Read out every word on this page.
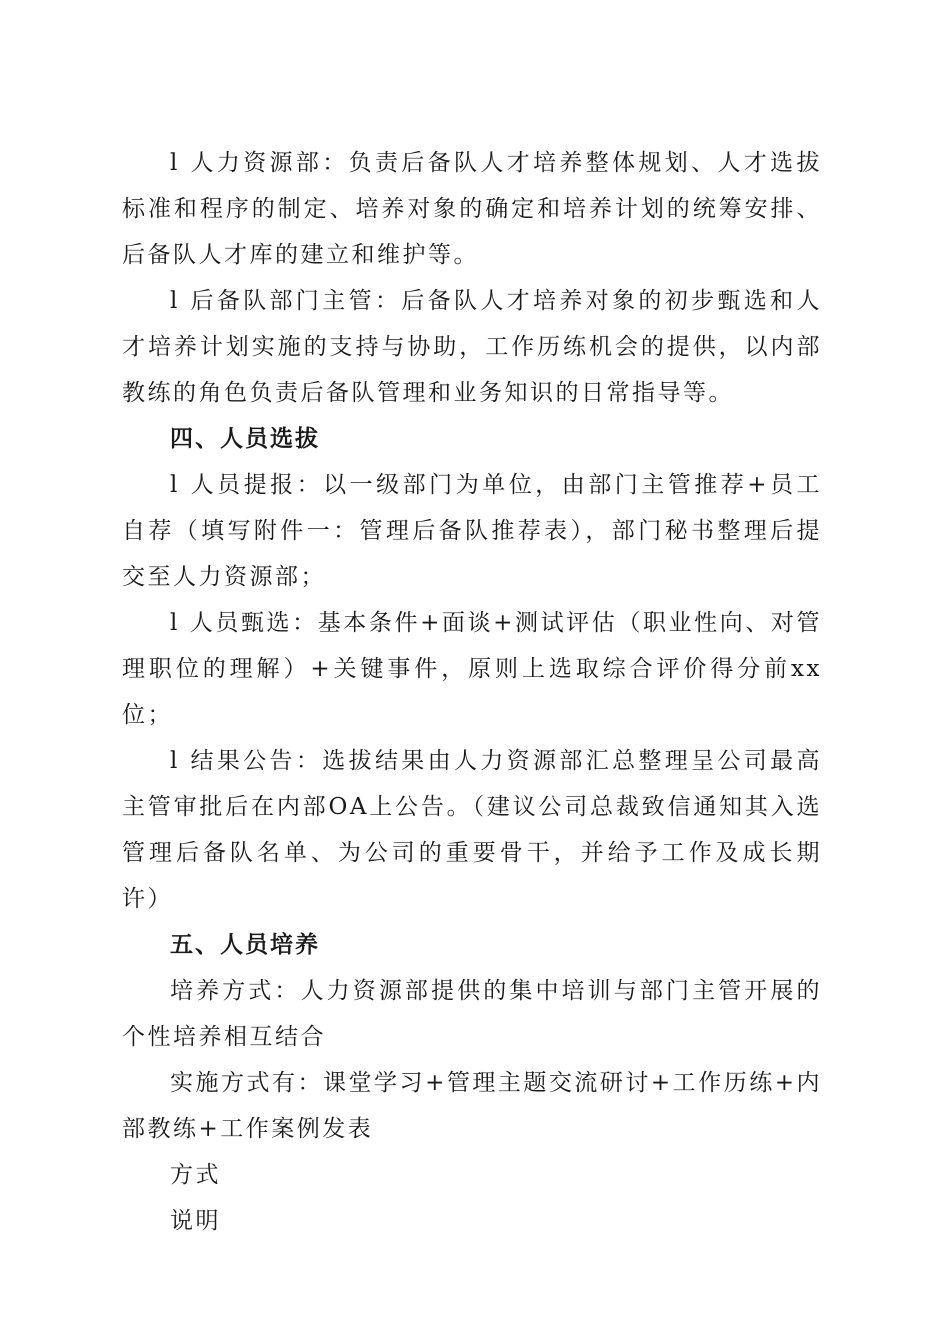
l 人力资源部：负责后备队人才培养整体规划、人才选拔标准和程序的制定、培养对象的确定和培养计划的统筹安排、后备队人才库的建立和维护等。

l 后备队部门主管：后备队人才培养对象的初步甄选和人才培养计划实施的支持与协助，工作历练机会的提供，以内部教练的角色负责后备队管理和业务知识的日常指导等。

四、人员选拔

l 人员提报：以一级部门为单位，由部门主管推荐+员工自荐（填写附件一：管理后备队推荐表），部门秘书整理后提交至人力资源部；

l 人员甄选：基本条件+面谈+测试评估（职业性向、对管理职位的理解）+关键事件，原则上选取综合评价得分前xx位；

l 结果公告：选拔结果由人力资源部汇总整理呈公司最高主管审批后在内部OA上公告。（建议公司总裁致信通知其入选管理后备队名单、为公司的重要骨干，并给予工作及成长期许）

五、人员培养

培养方式：人力资源部提供的集中培训与部门主管开展的个性培养相互结合

实施方式有：课堂学习+管理主题交流研讨+工作历练+内部教练+工作案例发表

方式

说明
